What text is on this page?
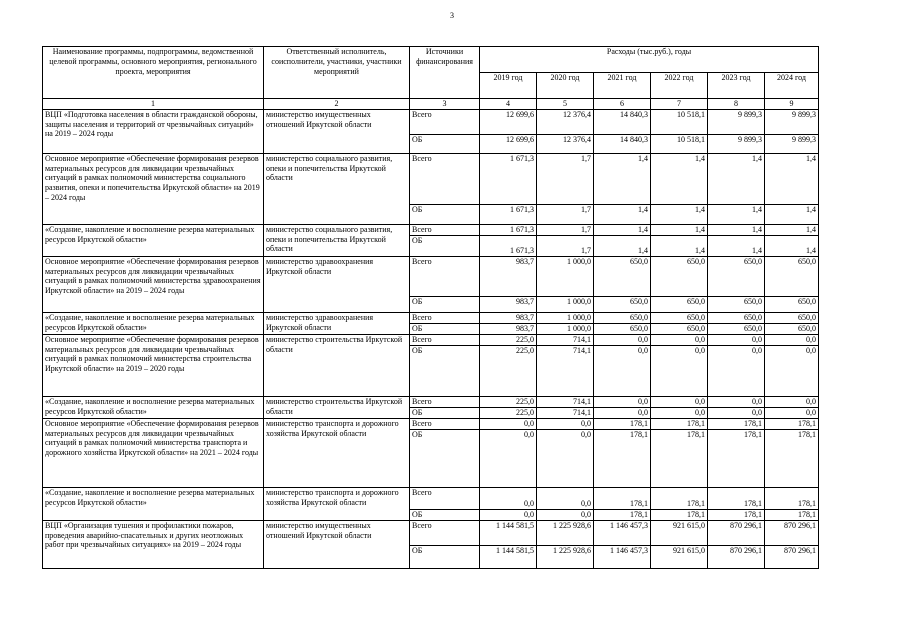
3
Наименование программы, подпрограммы, ведомственной целевой программы, основного мероприятия, регионального проекта, мероприятия	Ответственный исполнитель, соисполнители, участники, участники мероприятий	Источники финансирования	Расходы (тыс.руб.), годы					
			2019 год	2020 год	2021 год	2022 год	2023 год	2024 год
1	2	3	4	5	6	7	8	9
ВЦП «Подготовка населения в области гражданской обороны, защиты населения и территорий от чрезвычайных ситуаций» на 2019 – 2024 годы	министерство имущественных отношений Иркутской области	Всего	12 699,6	12 376,4	14 840,3	10 518,1	9 899,3	9 899,3
		ОБ	12 699,6	12 376,4	14 840,3	10 518,1	9 899,3	9 899,3
Основное мероприятие «Обеспечение формирования резервов материальных ресурсов для ликвидации чрезвычайных ситуаций в рамках полномочий министерства социального развития, опеки и попечительства Иркутской области» на 2019 – 2024 годы	министерство социального развития, опеки и попечительства Иркутской области	Всего	1 671,3	1,7	1,4	1,4	1,4	1,4
		ОБ	1 671,3	1,7	1,4	1,4	1,4	1,4
«Создание, накопление и восполнение резерва материальных ресурсов Иркутской области»	министерство социального развития, опеки и попечительства Иркутской области	Всего	1 671,3	1,7	1,4	1,4	1,4	1,4
		ОБ	1 671,3	1,7	1,4	1,4	1,4	1,4
Основное мероприятие «Обеспечение формирования резервов материальных ресурсов для ликвидации чрезвычайных ситуаций в рамках полномочий министерства здравоохранения Иркутской области» на 2019 – 2024 годы	министерство здравоохранения Иркутской области	Всего	983,7	1 000,0	650,0	650,0	650,0	650,0
		ОБ	983,7	1 000,0	650,0	650,0	650,0	650,0
«Создание, накопление и восполнение резерва материальных ресурсов Иркутской области»	министерство здравоохранения Иркутской области	Всего	983,7	1 000,0	650,0	650,0	650,0	650,0
		ОБ	983,7	1 000,0	650,0	650,0	650,0	650,0
Основное мероприятие «Обеспечение формирования резервов материальных ресурсов для ликвидации чрезвычайных ситуаций в рамках полномочий министерства строительства Иркутской области» на 2019 – 2020 годы	министерство строительства Иркутской области	Всего	225,0	714,1	0,0	0,0	0,0	0,0
		ОБ	225,0	714,1	0,0	0,0	0,0	0,0
«Создание, накопление и восполнение резерва материальных ресурсов Иркутской области»	министерство строительства Иркутской области	Всего	225,0	714,1	0,0	0,0	0,0	0,0
		ОБ	225,0	714,1	0,0	0,0	0,0	0,0
Основное мероприятие «Обеспечение формирования резервов материальных ресурсов для ликвидации чрезвычайных ситуаций в рамках полномочий министерства транспорта и дорожного хозяйства Иркутской области» на 2021 – 2024 годы	министерство транспорта и дорожного хозяйства Иркутской области	Всего	0,0	0,0	178,1	178,1	178,1	178,1
		ОБ	0,0	0,0	178,1	178,1	178,1	178,1
«Создание, накопление и восполнение резерва материальных ресурсов Иркутской области»	министерство транспорта и дорожного хозяйства Иркутской области	Всего	0,0	0,0	178,1	178,1	178,1	178,1
		ОБ	0,0	0,0	178,1	178,1	178,1	178,1
ВЦП «Организация тушения и профилактики пожаров, проведения аварийно-спасательных и других неотложных работ при чрезвычайных ситуациях» на 2019 – 2024 годы	министерство имущественных отношений Иркутской области	Всего	1 144 581,5	1 225 928,6	1 146 457,3	921 615,0	870 296,1	870 296,1
		ОБ	1 144 581,5	1 225 928,6	1 146 457,3	921 615,0	870 296,1	870 296,1
